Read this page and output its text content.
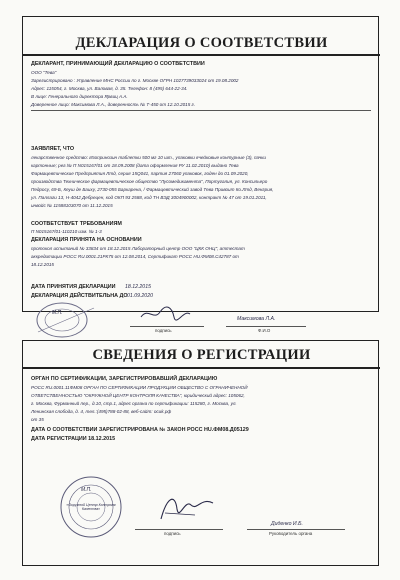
ДЕКЛАРАЦИЯ О СООТВЕТСТВИИ
ДЕКЛАРАНТ, ПРИНИМАЮЩИЙ ДЕКЛАРАЦИЮ О СООТВЕТСТВИИ
ООО "Тева"
Зарегистрировано : Управление МНС России по г. Москве ОГРН 1027739033024 от 19.08.2002
Адрес: 115054, г. Москва, ул. Валовая, д. 35. Телефон: 8 (495) 644-22-34.
В лице: Генерального директора Ярвиц А.А.
Доверенное лицо: Максимова Л.А., доверенность № Т-450 от 12.10.2015 г.
ЗАЯВЛЯЕТ, ЧТО
лекарственное средство: Изопринозин таблетки 500 мг 10 шт., упаковки ячейковые контурные (3), пачки
картонные; рег.№ П N015167/01 от 18.09.2008 (дата оформления РУ 11.02.2010) выдано Тева
Фармацевтические Предприятия Лтд, серия 15Q041, партия 27060 упаковок, годен до 01.09.2020,
производства Техническое фармацевтическое общество "Лусомедикамента", Португалия, ул. Консильеро
Педросу, 69-Б, Кеуш де Баиху, 2730-055 Баркарена, / Фармацевтический завод Тева Привоит Ко.Лтд, Венгрия,
ул. Паллаги 13, Н-4042 Дебрецен, код ОКП 93 2588, код ТН ВЭД 3004900002, контракт № 47 от 19.01.2011,
инвойс № 11588103070 от 11.12.2015
СООТВЕТСТВУЕТ ТРЕБОВАНИЯМ
П N015167/01-110210 изм. № 1-3
ДЕКЛАРАЦИЯ ПРИНЯТА НА ОСНОВАНИИ
протокол испытаний № 33834 от 18.12.2015 Лабораторный центр ООО "ЦКК ОНЦ", аттестат
аккредитации РОСС RU.0001.21РК75 от 12.08.2014, Сертификат РОСС HU.ФМ08.С42787 от
18.12.2015
ДАТА ПРИНЯТИЯ ДЕКЛАРАЦИИ 18.12.2015
ДЕКЛАРАЦИЯ ДЕЙСТВИТЕЛЬНА ДО 01.09.2020
М.П.
подпись
Максимова Л.А.
Ф.И.О
СВЕДЕНИЯ О РЕГИСТРАЦИИ
ОРГАН ПО СЕРТИФИКАЦИИ, ЗАРЕГИСТРИРОВАВШИЙ ДЕКЛАРАЦИЮ
РОСС RU.0001.11ФМ08 ОРГАН ПО СЕРТИФИКАЦИИ ПРОДУКЦИИ ОБЩЕСТВО С ОГРАНИЧЕННОЙ
ОТВЕТСТВЕННОСТЬЮ "ОКРУЖНОЙ ЦЕНТР КОНТРОЛЯ КАЧЕСТВА", юридический адрес: 105062,
г. Москва, Фурманный пер., д.10, стр.1, адрес органа по сертификации: 115280, г. Москва, ул.
Ленинская слобода, д. 4, тел.:(495)788-02-88, веб-сайт: ocuk.рф
от 35
ДАТА О СООТВЕТСТВИИ ЗАРЕГИСТРИРОВАНА № ЗАКОН РОСС HU.ФМ08.Д05129
ДАТА РЕГИСТРАЦИИ 18.12.2015
М.П.
«Окружной Центр Контроля Качества»
подпись
Диденко И.Б.
Руководитель органа
